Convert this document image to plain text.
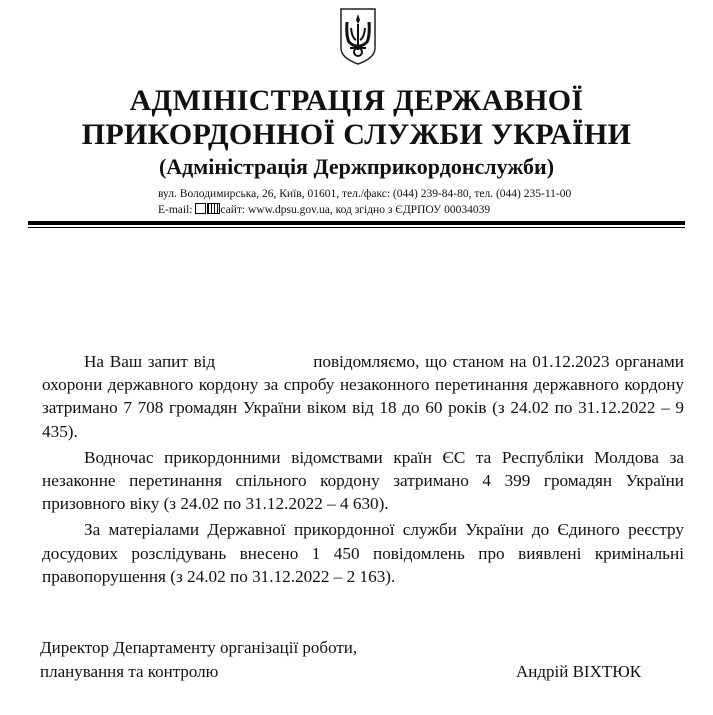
АДМІНІСТРАЦІЯ ДЕРЖАВНОЇ
ПРИКОРДОННОЇ СЛУЖБИ УКРАЇНИ
(Адміністрація Держприкордонслужби)
вул. Володимирська, 26, Київ, 01601, тел./факс: (044) 239-84-80, тел. (044) 235-11-00
E-mail: сайт: www.dpsu.gov.ua, код згідно з ЄДРПОУ 00034039

На Ваш запит від	повідомляємо, що станом на 01.12.2023 органами охорони державного кордону за спробу незаконного перетинання державного кордону затримано 7 708 громадян України віком від 18 до 60 років (з 24.02 по 31.12.2022 – 9 435).

Водночас прикордонними відомствами країн ЄС та Республіки Молдова за незаконне перетинання спільного кордону затримано 4 399 громадян України призовного віку (з 24.02 по 31.12.2022 – 4 630).

За матеріалами Державної прикордонної служби України до Єдиного реєстру досудових розслідувань внесено 1 450 повідомлень про виявлені кримінальні правопорушення (з 24.02 по 31.12.2022 – 2 163).

Директор Департаменту організації роботи,
планування та контролю	Андрій ВІХТЮК
